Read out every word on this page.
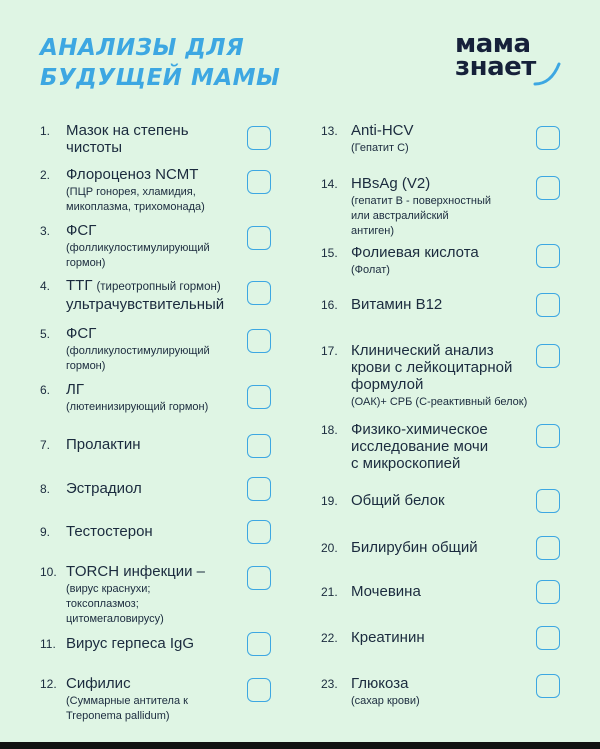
АНАЛИЗЫ ДЛЯ
БУДУЩЕЙ МАМЫ
мама
знает
1. Мазок на степень
чистоты
2. Флороценоз NCMT
(ПЦР гонорея, хламидия,
микоплазма, трихомонада)
3. ФСГ
(фолликулостимулирующий
гормон)
4. ТТГ (тиреотропный гормон)
ультрачувствительный
5. ФСГ
(фолликулостимулирующий
гормон)
6. ЛГ
(лютеинизирующий гормон)
7. Пролактин
8. Эстрадиол
9. Тестостерон
10. TORCH инфекции –
(вирус краснухи;
токсоплазмоз;
цитомегаловирусу)
11. Вирус герпеса IgG
12. Сифилис
(Суммарные антитела к
Treponema pallidum)
13. Anti-HCV
(Гепатит С)
14. HBsAg (V2)
(гепатит В - поверхностный
или австралийский
антиген)
15. Фолиевая кислота
(Фолат)
16. Витамин В12
17. Клинический анализ
крови с лейкоцитарной
формулой
(ОАК)+ СРБ (С-реактивный белок)
18. Физико-химическое
исследование мочи
с микроскопией
19. Общий белок
20. Билирубин общий
21. Мочевина
22. Креатинин
23. Глюкоза
(сахар крови)
